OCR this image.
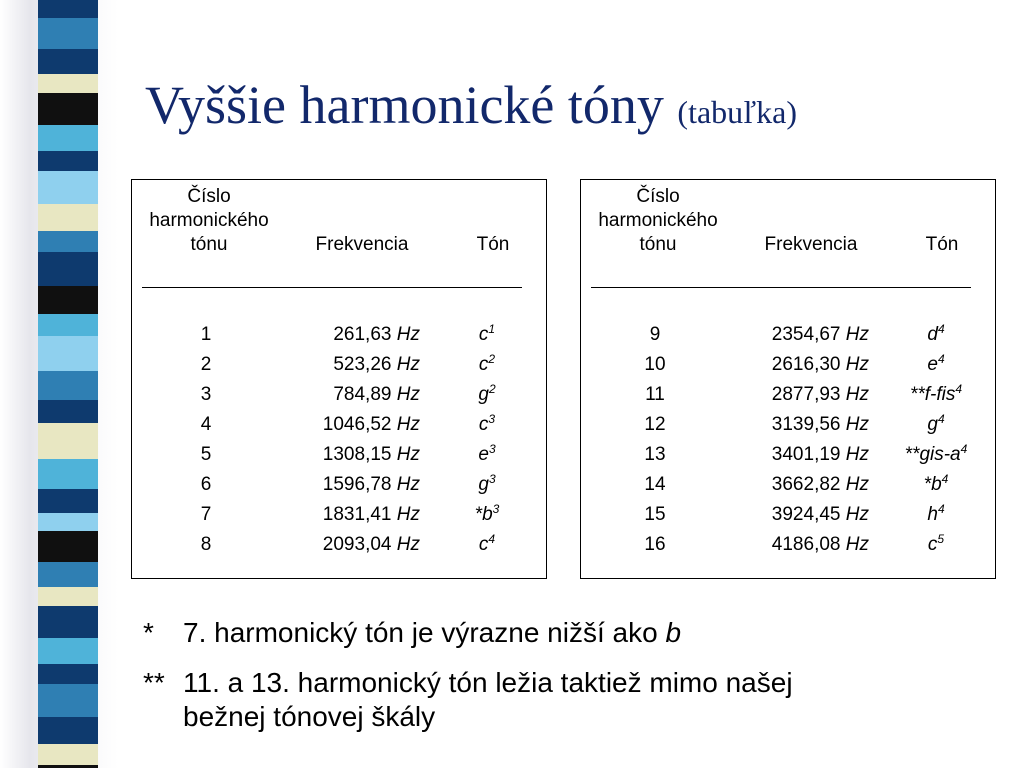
Vyššie harmonické tóny (tabuľka)
Číslo
harmonického
tónu	Frekvencia	Tón
1	261,63 Hz	$c^1$
2	523,26 Hz	$c^2$
3	784,89 Hz	$g^2$
4	1046,52 Hz	$c^3$
5	1308,15 Hz	$e^3$
6	1596,78 Hz	$g^3$
7	1831,41 Hz	$*b^3$
8	2093,04 Hz	$c^4$
Číslo
harmonického
tónu	Frekvencia	Tón
9	2354,67 Hz	$d^4$
10	2616,30 Hz	$e^4$
11	2877,93 Hz	**f-fis$^4$
12	3139,56 Hz	$g^4$
13	3401,19 Hz	$**gis-a^4$
14	3662,82 Hz	$*b^4$
15	3924,45 Hz	$h^4$
16	4186,08 Hz	$c^5$
* 7. harmonický tón je výrazne nižší ako b
** 11. a 13. harmonický tón ležia taktiež mimo našej
bežnej tónovej škály
